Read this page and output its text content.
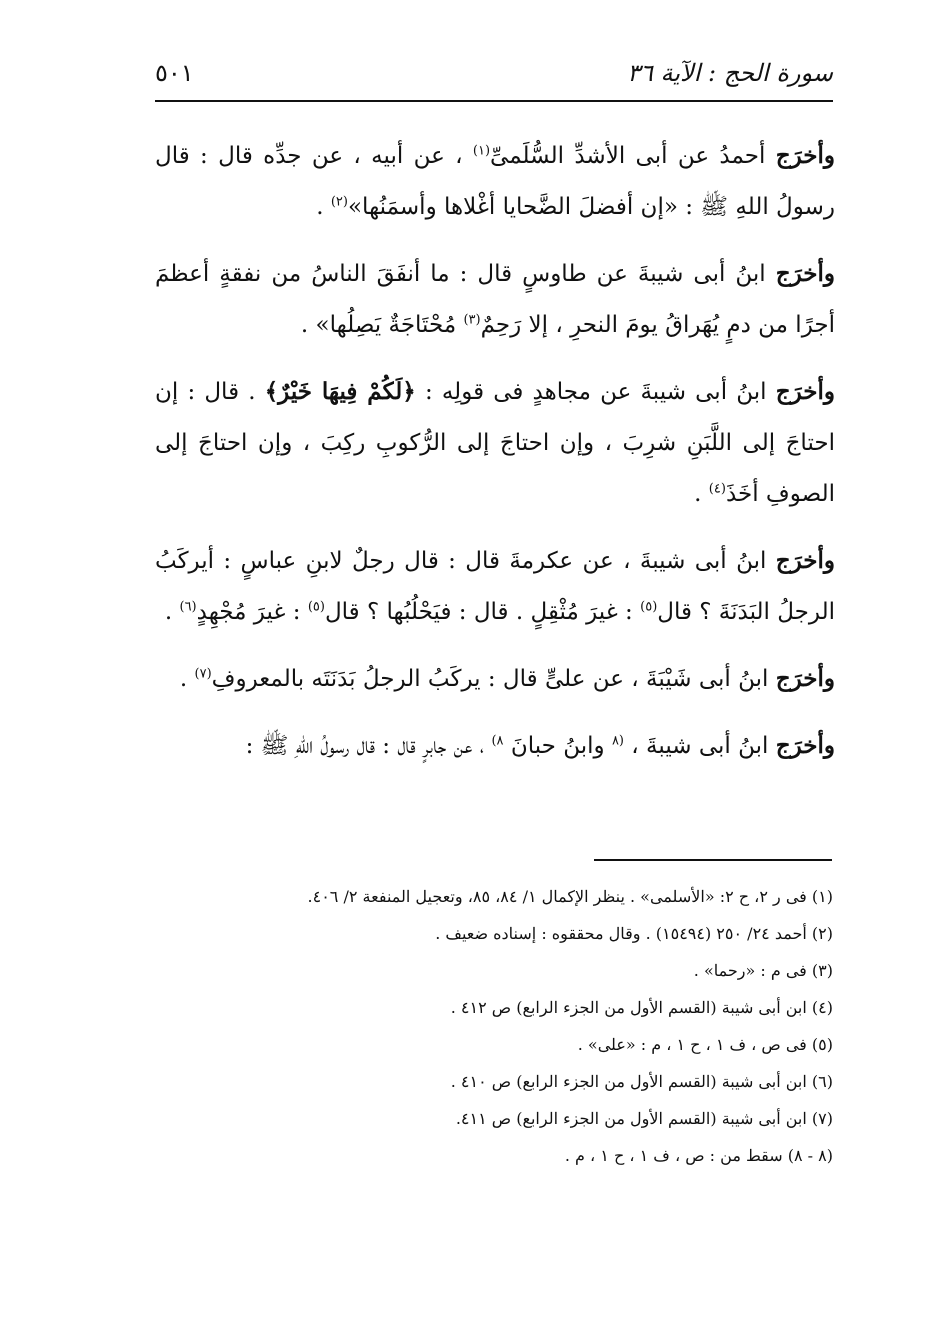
سورة الحج : الآية ٣٦
٥٠١

وأخرَج أحمدُ عن أبى الأشدِّ السُّلَمىِّ$^{(١)}$ ، عن أبيه ، عن جدِّه قال : قال رسولُ اللهِ ﷺ : «إن أفضلَ الضَّحايا أغْلاها وأسمَنُها»$^{(٢)}$ .

وأخرَج ابنُ أبى شيبةَ عن طاوسٍ قال : ما أنفَقَ الناسُ من نفقةٍ أعظمَ أجرًا من دمٍ يُهَراقُ يومَ النحرِ ، إلا رَحِمٌ$^{(٣)}$ مُحْتَاجَةٌ يَصِلُها» .

وأخرَج ابنُ أبى شيبةَ عن مجاهدٍ فى قولِه : ﴿لَكُمْ فِيهَا خَيْرٌ﴾ . قال : إن احتاجَ إلى اللَّبَنِ شرِبَ ، وإن احتاجَ إلى الرُّكوبِ ركِبَ ، وإن احتاجَ إلى الصوفِ أخَذَ$^{(٤)}$ .

وأخرَج ابنُ أبى شيبةَ ، عن عكرمةَ قال : قال رجلٌ لابنِ عباسٍ : أيركَبُ الرجلُ البَدَنَةَ ؟ قال$^{(٥)}$ : غيرَ مُثْقِلٍ . قال : فيَحْلُبُها ؟ قال$^{(٥)}$ : غيرَ مُجْهِدٍ$^{(٦)}$ .

وأخرَج ابنُ أبى شَيْبَةَ ، عن علىٍّ قال : يركَبُ الرجلُ بَدَنَتَه بالمعروفِ$^{(٧)}$ .

وأخرَج ابنُ أبى شيبةَ ، $^{(٨}$ وابنُ حبانَ $^{٨)}$ ، عن جابرٍ قال : قال رسولُ اللهِ ﷺ :

(١) فى ر ٢، ح ٢: «الأسلمى» . ينظر الإكمال ١/ ٨٤، ٨٥، وتعجيل المنفعة ٢/ ٤٠٦.

(٢) أحمد ٢٤/ ٢٥٠ (١٥٤٩٤) . وقال محققوه : إسناده ضعيف .

(٣) فى م : «رحما» .

(٤) ابن أبى شيبة (القسم الأول من الجزء الرابع) ص ٤١٢ .

(٥) فى ص ، ف ١ ، ح ١ ، م : «على» .

(٦) ابن أبى شيبة (القسم الأول من الجزء الرابع) ص ٤١٠ .

(٧) ابن أبى شيبة (القسم الأول من الجزء الرابع) ص ٤١١.

(٨ - ٨) سقط من : ص ، ف ١ ، ح ١ ، م .
